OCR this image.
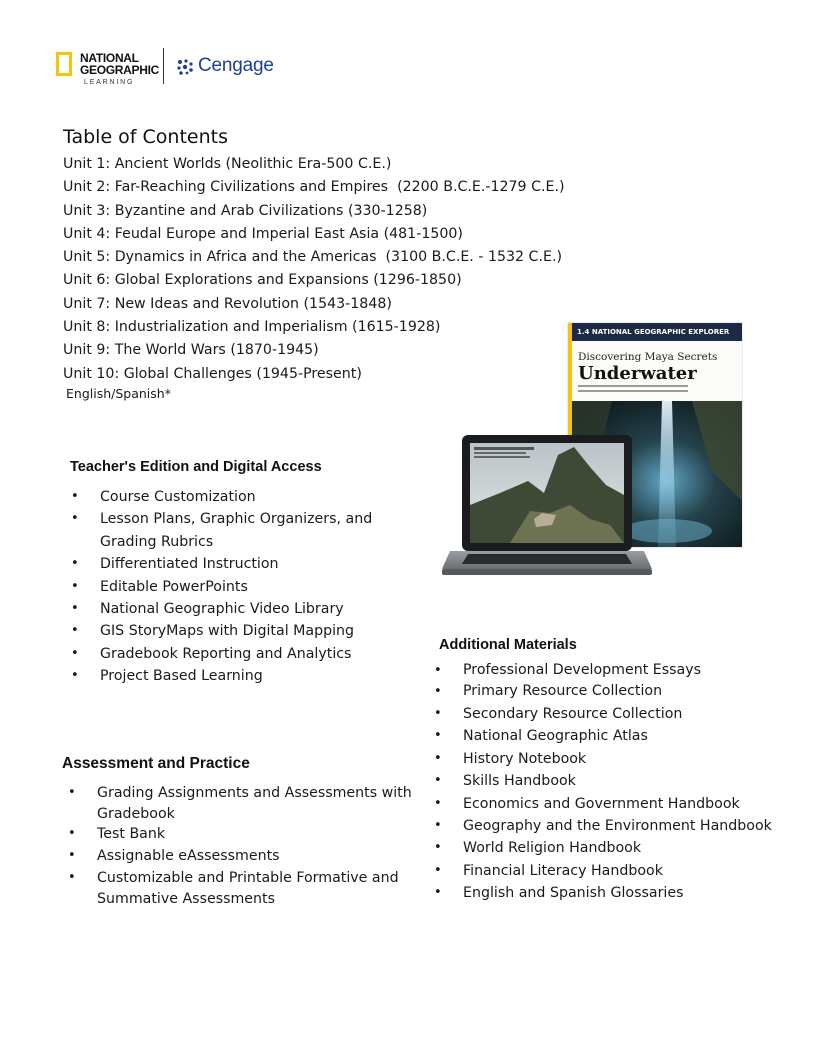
NATIONAL
GEOGRAPHIC
LEARNING
Cengage
Table of Contents
Unit 1: Ancient Worlds (Neolithic Era-500 C.E.)
Unit 2: Far-Reaching Civilizations and Empires  (2200 B.C.E.-1279 C.E.)
Unit 3: Byzantine and Arab Civilizations (330-1258)
Unit 4: Feudal Europe and Imperial East Asia (481-1500)
Unit 5: Dynamics in Africa and the Americas  (3100 B.C.E. - 1532 C.E.)
Unit 6: Global Explorations and Expansions (1296-1850)
Unit 7: New Ideas and Revolution (1543-1848)
Unit 8: Industrialization and Imperialism (1615-1928)
Unit 9: The World Wars (1870-1945)
Unit 10: Global Challenges (1945-Present)
English/Spanish*
1.4 NATIONAL GEOGRAPHIC EXPLORER
Discovering Maya Secrets
Underwater
Teacher's Edition and Digital Access
• Course Customization
• Lesson Plans, Graphic Organizers, and Grading Rubrics
• Differentiated Instruction
• Editable PowerPoints
• National Geographic Video Library
• GIS StoryMaps with Digital Mapping
• Gradebook Reporting and Analytics
• Project Based Learning
Additional Materials
• Professional Development Essays
• Primary Resource Collection
• Secondary Resource Collection
• National Geographic Atlas
• History Notebook
• Skills Handbook
• Economics and Government Handbook
• Geography and the Environment Handbook
• World Religion Handbook
• Financial Literacy Handbook
• English and Spanish Glossaries
Assessment and Practice
• Grading Assignments and Assessments with Gradebook
• Test Bank
• Assignable eAssessments
• Customizable and Printable Formative and Summative Assessments
